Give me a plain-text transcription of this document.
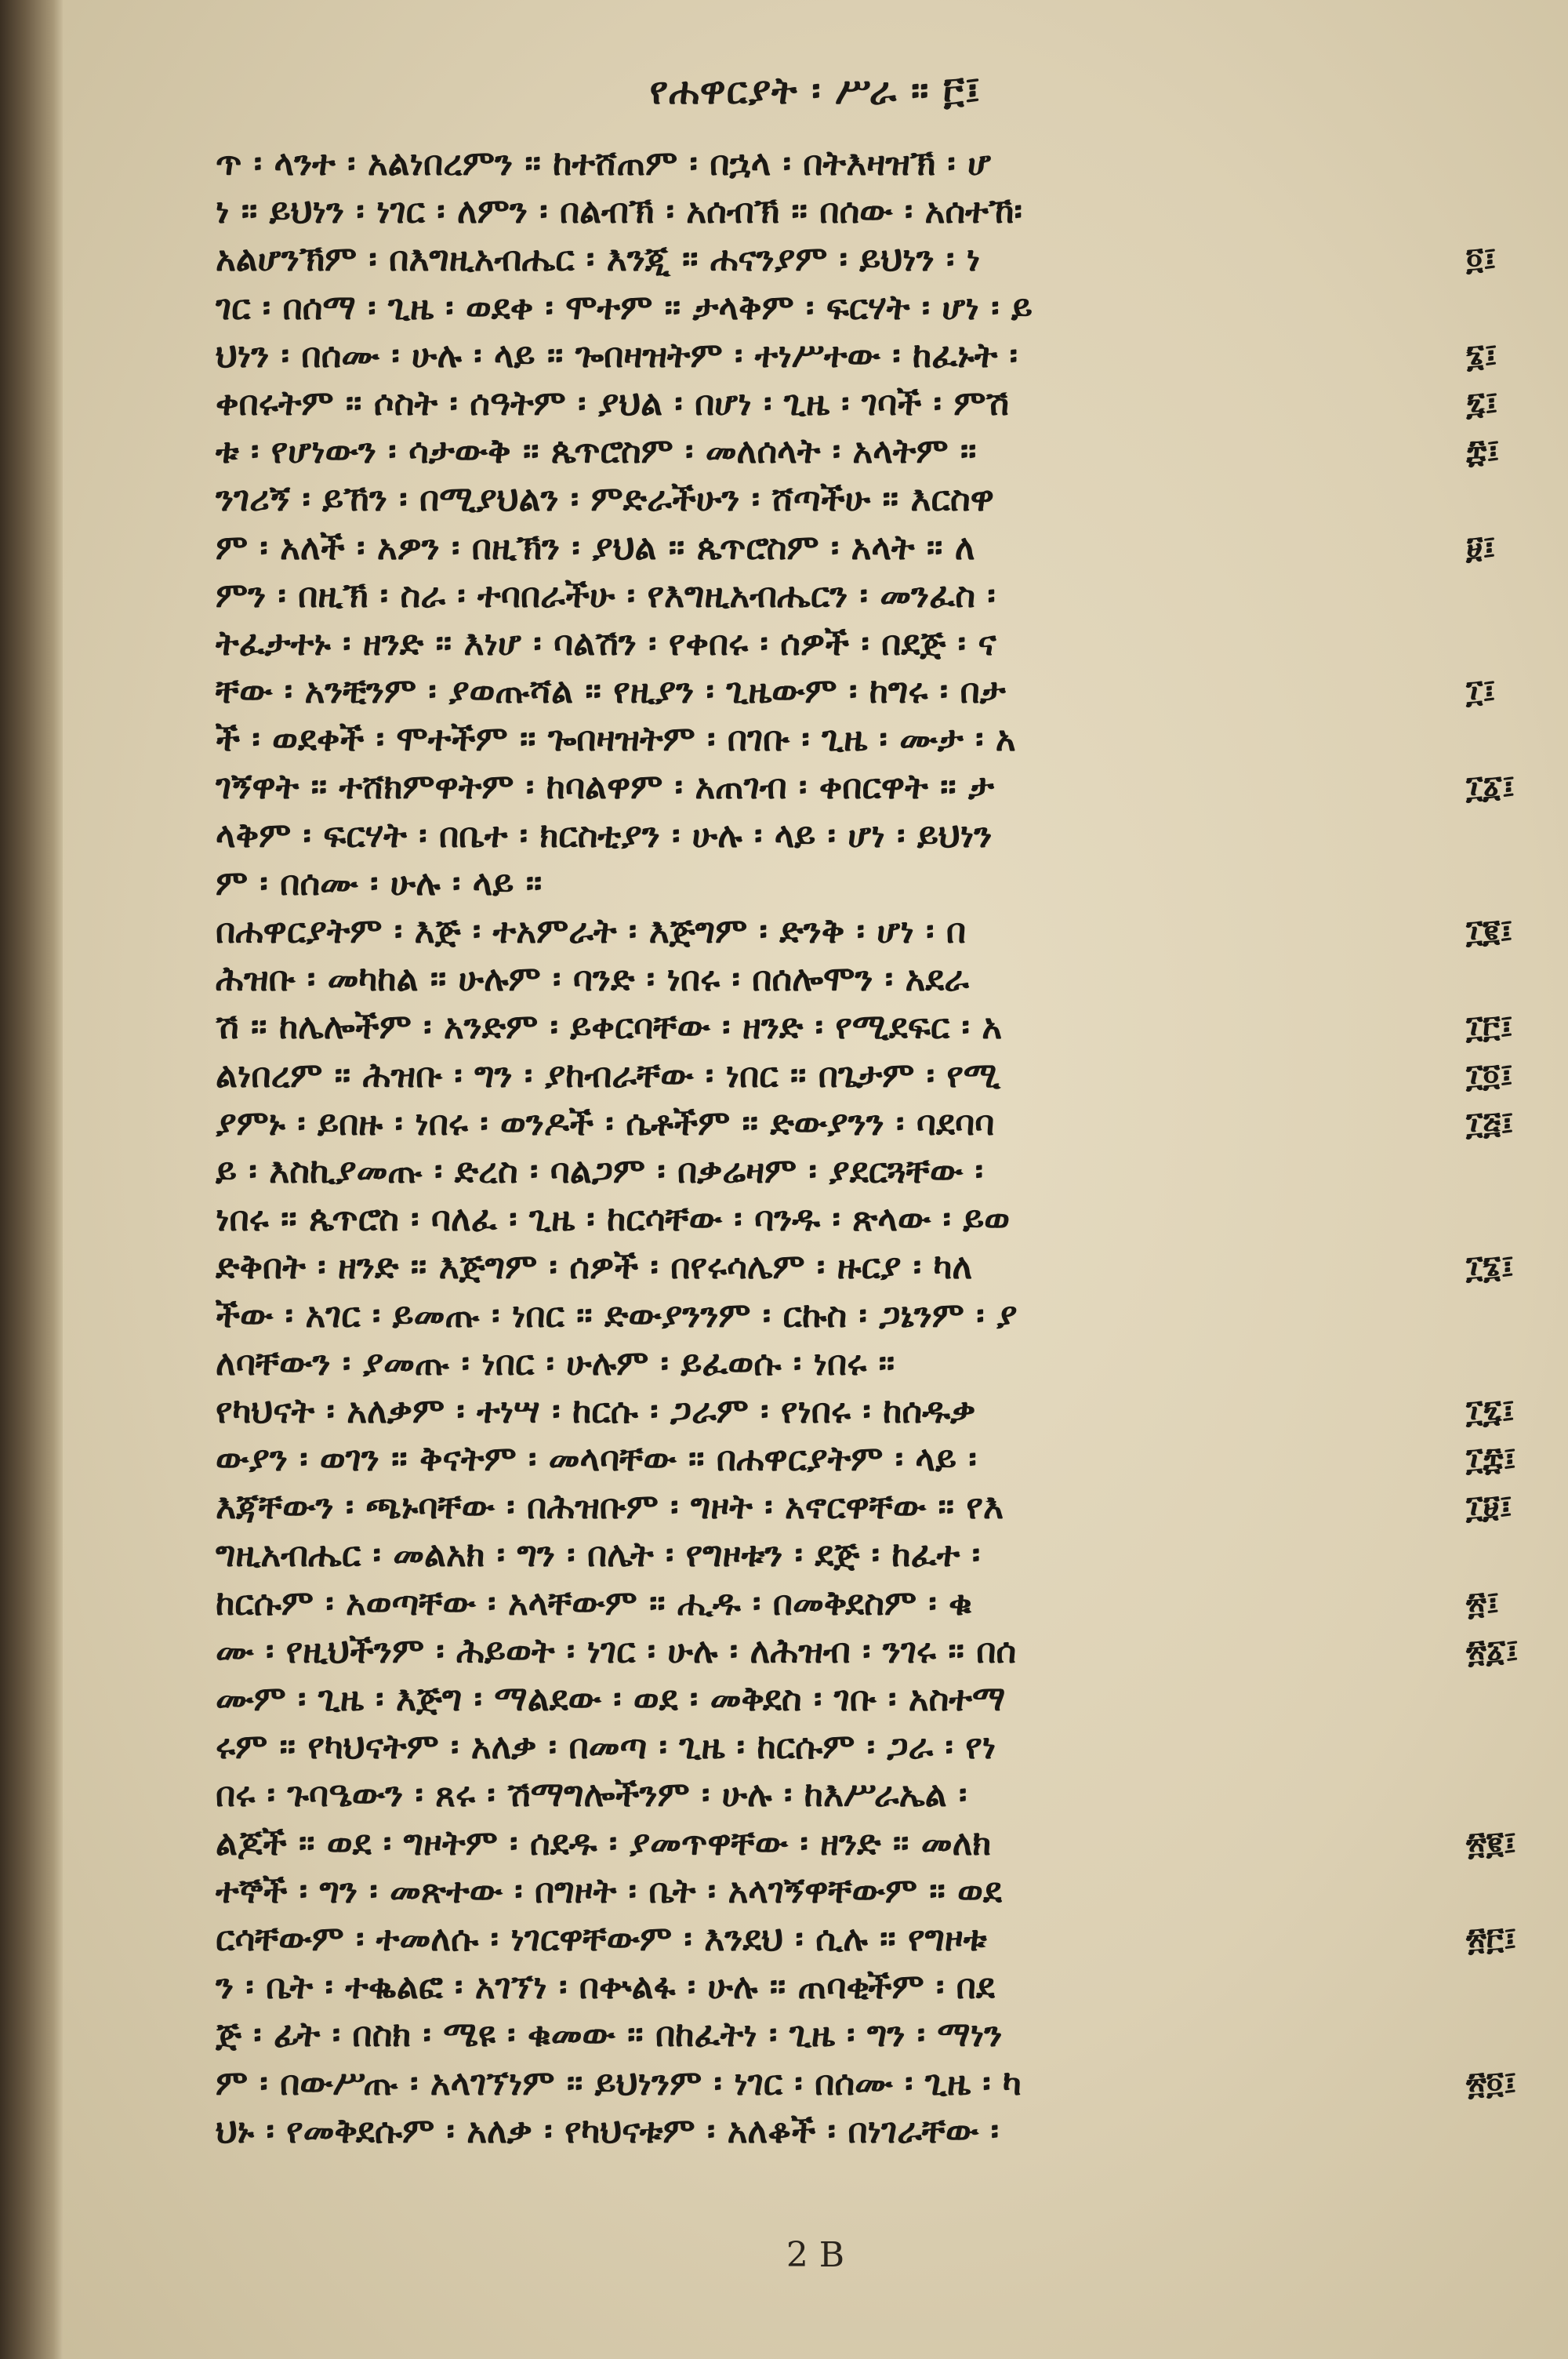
የሐዋርያት ፡ ሥራ ። ፫፤
ጥ ፡ ላንተ ፡ አልነበረምን ። ከተሸጠም ፡ በኋላ ፡ በትእዛዝኽ ፡ ሆ
ነ ። ይህነን ፡ ነገር ፡ ለምን ፡ በልብኽ ፡ አሰብኽ ። በሰው ፡ አሰተኸ፡
አልሆንኽም ፡ በእግዚአብሔር ፡ እንጂ ። ሐናንያም ፡ ይህነን ፡ ነ
ገር ፡ በሰማ ፡ ጊዜ ፡ ወደቀ ፡ ሞተም ። ታላቅም ፡ ፍርሃት ፡ ሆነ ፡ ይ
ህነን ፡ በሰሙ ፡ ሁሉ ፡ ላይ ። ጐበዛዝትም ፡ ተነሥተው ፡ ከፈኑት ፡
ቀበሩትም ። ሶስት ፡ ሰዓትም ፡ ያህል ፡ በሆነ ፡ ጊዜ ፡ ገባች ፡ ምሽ
ቱ ፡ የሆነውን ፡ ሳታውቅ ። ጴጥሮስም ፡ መለሰላት ፡ አላትም ።
ንገሪኝ ፡ ይኸን ፡ በሚያህልን ፡ ምድራችሁን ፡ ሸጣችሁ ። እርስዋ
ም ፡ አለች ፡ አዎን ፡ በዚኽን ፡ ያህል ። ጴጥሮስም ፡ አላት ። ለ
ምን ፡ በዚኽ ፡ ስራ ፡ ተባበራችሁ ፡ የእግዚአብሔርን ፡ መንፈስ ፡
ትፈታተኑ ፡ ዘንድ ። እነሆ ፡ ባልሽን ፡ የቀበሩ ፡ ሰዎች ፡ በደጅ ፡ ና
ቸው ፡ አንቺንም ፡ ያወጡሻል ። የዚያን ፡ ጊዜውም ፡ ከግሩ ፡ በታ
ች ፡ ወደቀች ፡ ሞተችም ። ጐበዛዝትም ፡ በገቡ ፡ ጊዜ ፡ ሙታ ፡ አ
ገኝዋት ። ተሸክምዋትም ፡ ከባልዋም ፡ አጠገብ ፡ ቀበርዋት ። ታ
ላቅም ፡ ፍርሃት ፡ በቤተ ፡ ክርስቲያን ፡ ሁሉ ፡ ላይ ፡ ሆነ ፡ ይህነን
ም ፡ በሰሙ ፡ ሁሉ ፡ ላይ ።
በሐዋርያትም ፡ እጅ ፡ ተአምራት ፡ እጅግም ፡ ድንቅ ፡ ሆነ ፡ በ
ሕዝቡ ፡ መካከል ። ሁሉም ፡ ባንድ ፡ ነበሩ ፡ በሰሎሞን ፡ አደራ
ሽ ። ከሌሎችም ፡ አንድም ፡ ይቀርባቸው ፡ ዘንድ ፡ የሚደፍር ፡ አ
ልነበረም ። ሕዝቡ ፡ ግን ፡ ያከብራቸው ፡ ነበር ። በጌታም ፡ የሚ
ያምኑ ፡ ይበዙ ፡ ነበሩ ፡ ወንዶች ፡ ሴቶችም ። ድውያንን ፡ ባደባባ
ይ ፡ እስኪያመጡ ፡ ድረስ ፡ ባልጋም ፡ በቃሬዛም ፡ ያደርጓቸው ፡
ነበሩ ። ጴጥሮስ ፡ ባለፈ ፡ ጊዜ ፡ ከርሳቸው ፡ ባንዱ ፡ ጽላው ፡ ይወ
ድቅበት ፡ ዘንድ ። እጅግም ፡ ሰዎች ፡ በየሩሳሌም ፡ ዙርያ ፡ ካለ
ችው ፡ አገር ፡ ይመጡ ፡ ነበር ። ድውያንንም ፡ ርኩስ ፡ ጋኔንም ፡ ያ
ለባቸውን ፡ ያመጡ ፡ ነበር ፡ ሁሉም ፡ ይፈወሱ ፡ ነበሩ ።
የካህናት ፡ አለቃም ፡ ተነሣ ፡ ከርሱ ፡ ጋራም ፡ የነበሩ ፡ ከሰዱቃ
ውያን ፡ ወገን ። ቅናትም ፡ መላባቸው ። በሐዋርያትም ፡ ላይ ፡
እጃቸውን ፡ ጫኑባቸው ፡ በሕዝቡም ፡ ግዞት ፡ አኖርዋቸው ። የእ
ግዚአብሔር ፡ መልአክ ፡ ግን ፡ በሌት ፡ የግዞቱን ፡ ደጅ ፡ ከፈተ ፡
ከርሱም ፡ አወጣቸው ፡ አላቸውም ። ሒዱ ፡ በመቅደስም ፡ ቁ
ሙ ፡ የዚህችንም ፡ ሕይወት ፡ ነገር ፡ ሁሉ ፡ ለሕዝብ ፡ ንገሩ ። በሰ
ሙም ፡ ጊዜ ፡ እጅግ ፡ ማልደው ፡ ወደ ፡ መቅደስ ፡ ገቡ ፡ አስተማ
ሩም ። የካህናትም ፡ አለቃ ፡ በመጣ ፡ ጊዜ ፡ ከርሱም ፡ ጋራ ፡ የነ
በሩ ፡ ጉባዔውን ፡ ጸሩ ፡ ሽማግሎችንም ፡ ሁሉ ፡ ከእሥራኤል ፡
ልጆች ። ወደ ፡ ግዞትም ፡ ሰደዱ ፡ ያመጥዋቸው ፡ ዘንድ ። መለክ
ተኞች ፡ ግን ፡ መጽተው ፡ በግዞት ፡ ቤት ፡ አላገኝዋቸውም ። ወደ
ርሳቸውም ፡ ተመለሱ ፡ ነገርዋቸውም ፡ እንደህ ፡ ሲሉ ። የግዞቱ
ን ፡ ቤት ፡ ተቈልፎ ፡ አገኘነ ፡ በቍልፋ ፡ ሁሉ ። ጠባቂችም ፡ በደ
ጅ ፡ ፊት ፡ በስክ ፡ ሜዩ ፡ ቁመው ። በከፈትነ ፡ ጊዜ ፡ ግን ፡ ማነን
ም ፡ በውሥጡ ፡ አላገኘነም ። ይህነንም ፡ ነገር ፡ በሰሙ ፡ ጊዜ ፡ ካ
ህኑ ፡ የመቅደሱም ፡ አለቃ ፡ የካህናቱም ፡ አለቆች ፡ በነገራቸው ፡
፬፤
፮፤
፯፤
፰፤
፱፤
፲፤
፲፩፤
፲፪፤
፲፫፤
፲፬፤
፲፭፤
፲፮፤
፲፯፤
፲፰፤
፲፱፤
፳፤
፳፩፤
፳፪፤
፳፫፤
፳፬፤
2 B
